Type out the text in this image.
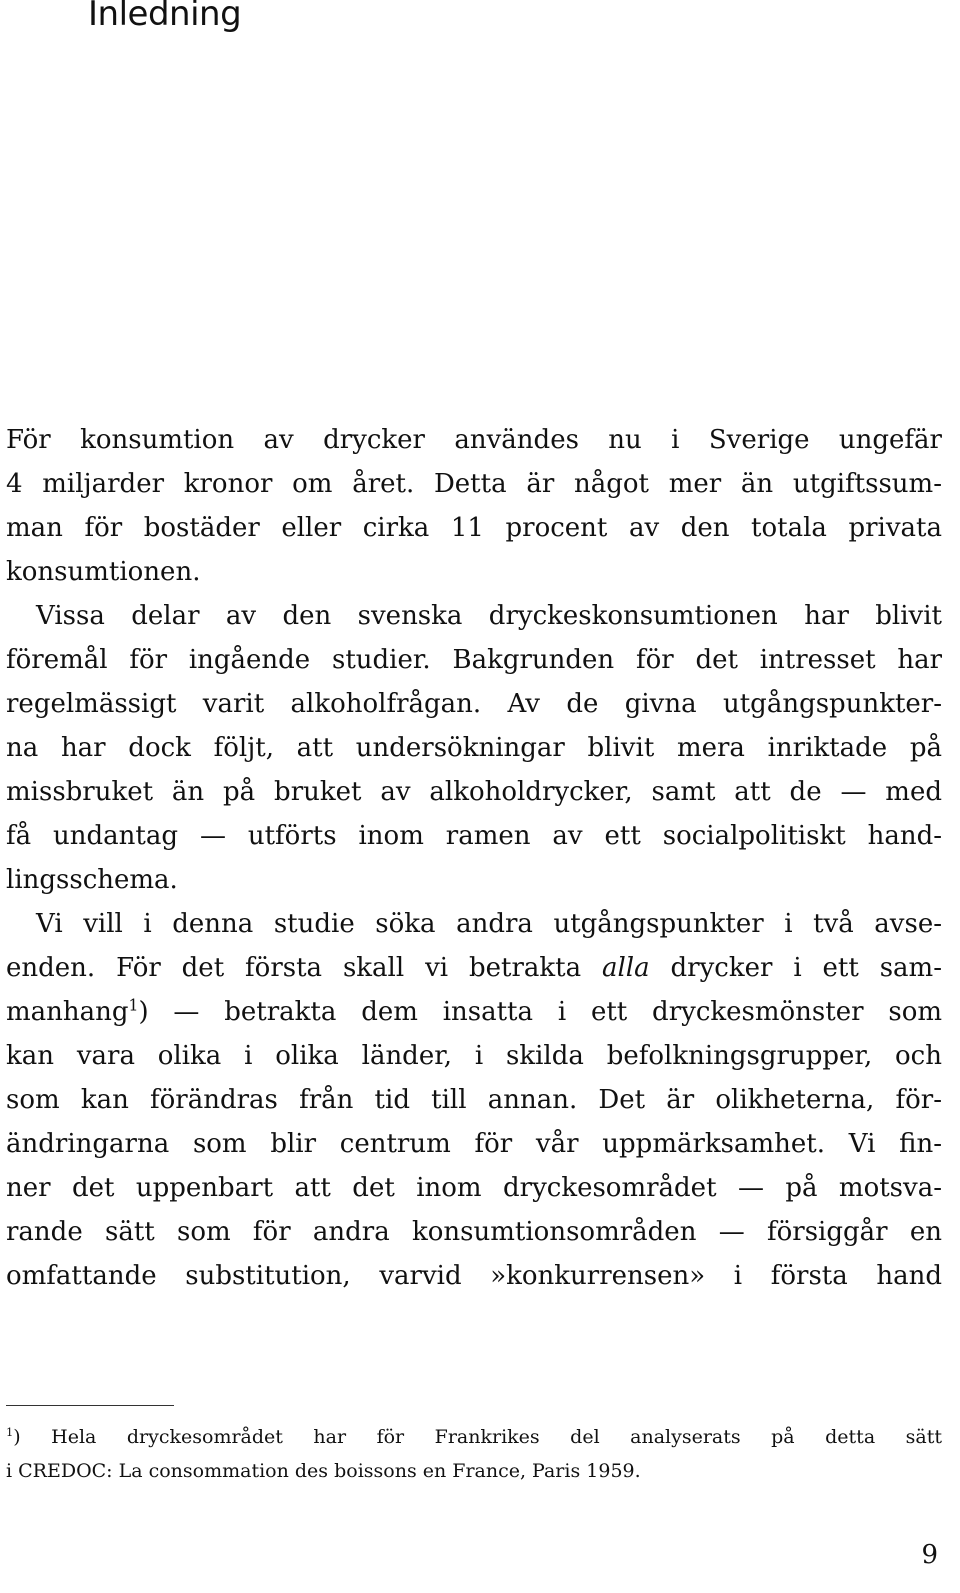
Inledning
För konsumtion av drycker användes nu i Sverige ungefär
4 miljarder kronor om året. Detta är något mer än utgiftssum-
man för bostäder eller cirka 11 procent av den totala privata
konsumtionen.
Vissa delar av den svenska dryckeskonsumtionen har blivit
föremål för ingående studier. Bakgrunden för det intresset har
regelmässigt varit alkoholfrågan. Av de givna utgångspunkter-
na har dock följt, att undersökningar blivit mera inriktade på
missbruket än på bruket av alkoholdrycker, samt att de — med
få undantag — utförts inom ramen av ett socialpolitiskt hand-
lingsschema.
Vi vill i denna studie söka andra utgångspunkter i två avse-
enden. För det första skall vi betrakta alla drycker i ett sam-
manhang$^1$) — betrakta dem insatta i ett dryckesmönster som
kan vara olika i olika länder, i skilda befolkningsgrupper, och
som kan förändras från tid till annan. Det är olikheterna, för-
ändringarna som blir centrum för vår uppmärksamhet. Vi fin-
ner det uppenbart att det inom dryckesområdet — på motsva-
rande sätt som för andra konsumtionsområden — försiggår en
omfattande substitution, varvid »konkurrensen» i första hand
$^1$) Hela dryckesområdet har för Frankrikes del analyserats på detta sätt
i CREDOC: La consommation des boissons en France, Paris 1959.
9
